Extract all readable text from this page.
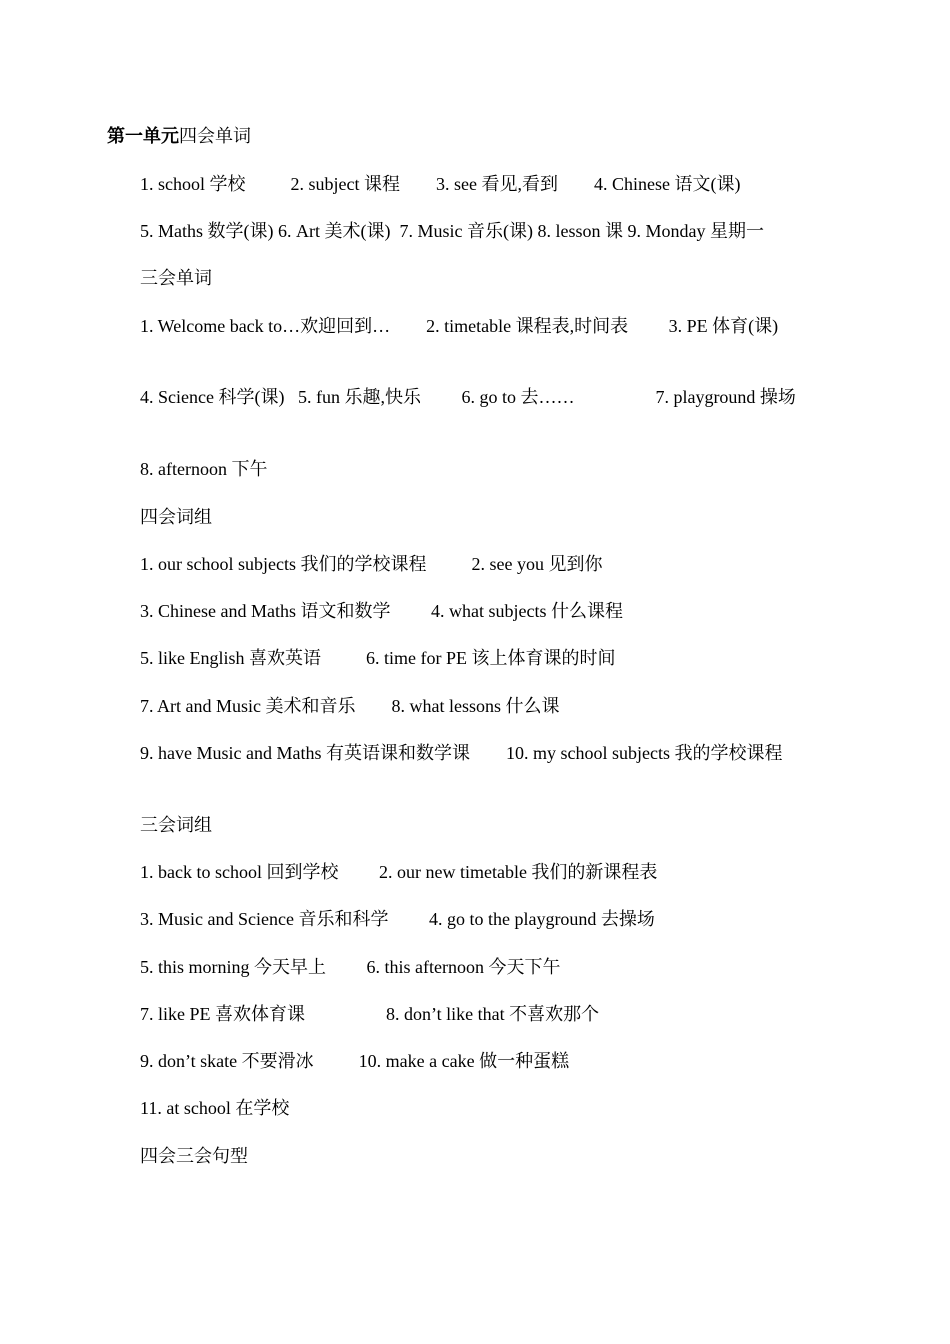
第一单元四会单词
1. school 学校          2. subject 课程        3. see 看见,看到        4. Chinese 语文(课)
5. Maths 数学(课) 6. Art 美术(课)  7. Music 音乐(课) 8. lesson 课 9. Monday 星期一
三会单词
1. Welcome back to…欢迎回到…        2. timetable 课程表,时间表         3. PE 体育(课)
4. Science 科学(课)   5. fun 乐趣,快乐         6. go to 去……                  7. playground 操场
8. afternoon 下午
四会词组
1. our school subjects 我们的学校课程          2. see you 见到你
3. Chinese and Maths 语文和数学         4. what subjects 什么课程
5. like English 喜欢英语          6. time for PE 该上体育课的时间
7. Art and Music 美术和音乐        8. what lessons 什么课
9. have Music and Maths 有英语课和数学课        10. my school subjects 我的学校课程
三会词组
1. back to school 回到学校         2. our new timetable 我们的新课程表
3. Music and Science 音乐和科学         4. go to the playground 去操场
5. this morning 今天早上         6. this afternoon 今天下午
7. like PE 喜欢体育课                  8. don’t like that 不喜欢那个
9. don’t skate 不要滑冰          10. make a cake 做一种蛋糕
11. at school 在学校
四会三会句型
